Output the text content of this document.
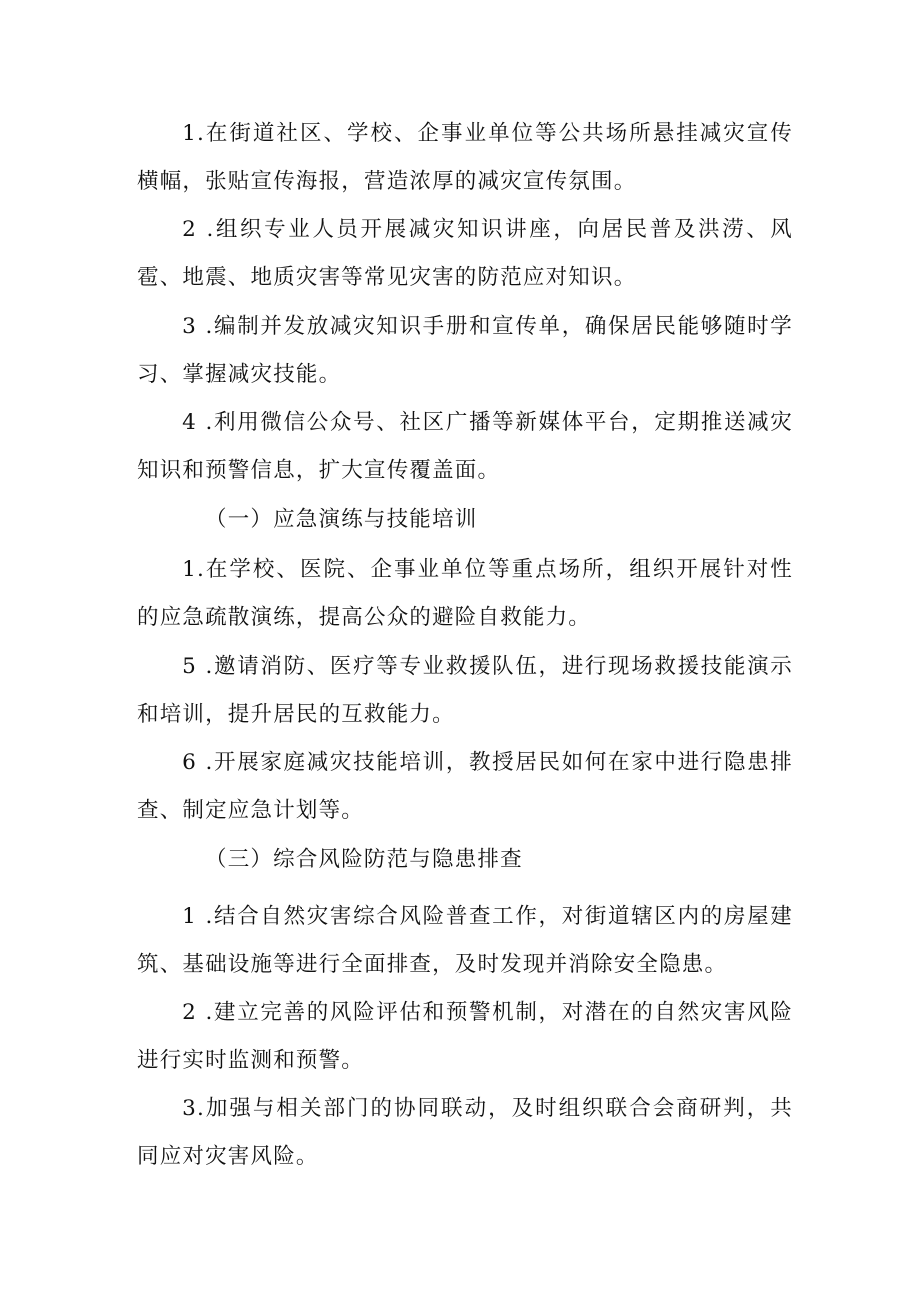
1.在街道社区、学校、企事业单位等公共场所悬挂减灾宣传横幅，张贴宣传海报，营造浓厚的减灾宣传氛围。

2 .组织专业人员开展减灾知识讲座，向居民普及洪涝、风雹、地震、地质灾害等常见灾害的防范应对知识。

3 .编制并发放减灾知识手册和宣传单，确保居民能够随时学习、掌握减灾技能。

4 .利用微信公众号、社区广播等新媒体平台，定期推送减灾知识和预警信息，扩大宣传覆盖面。

（一）应急演练与技能培训

1.在学校、医院、企事业单位等重点场所，组织开展针对性的应急疏散演练，提高公众的避险自救能力。

5 .邀请消防、医疗等专业救援队伍，进行现场救援技能演示和培训，提升居民的互救能力。

6 .开展家庭减灾技能培训，教授居民如何在家中进行隐患排查、制定应急计划等。

（三）综合风险防范与隐患排查

1 .结合自然灾害综合风险普查工作，对街道辖区内的房屋建筑、基础设施等进行全面排查，及时发现并消除安全隐患。

2 .建立完善的风险评估和预警机制，对潜在的自然灾害风险进行实时监测和预警。

3.加强与相关部门的协同联动，及时组织联合会商研判，共同应对灾害风险。
